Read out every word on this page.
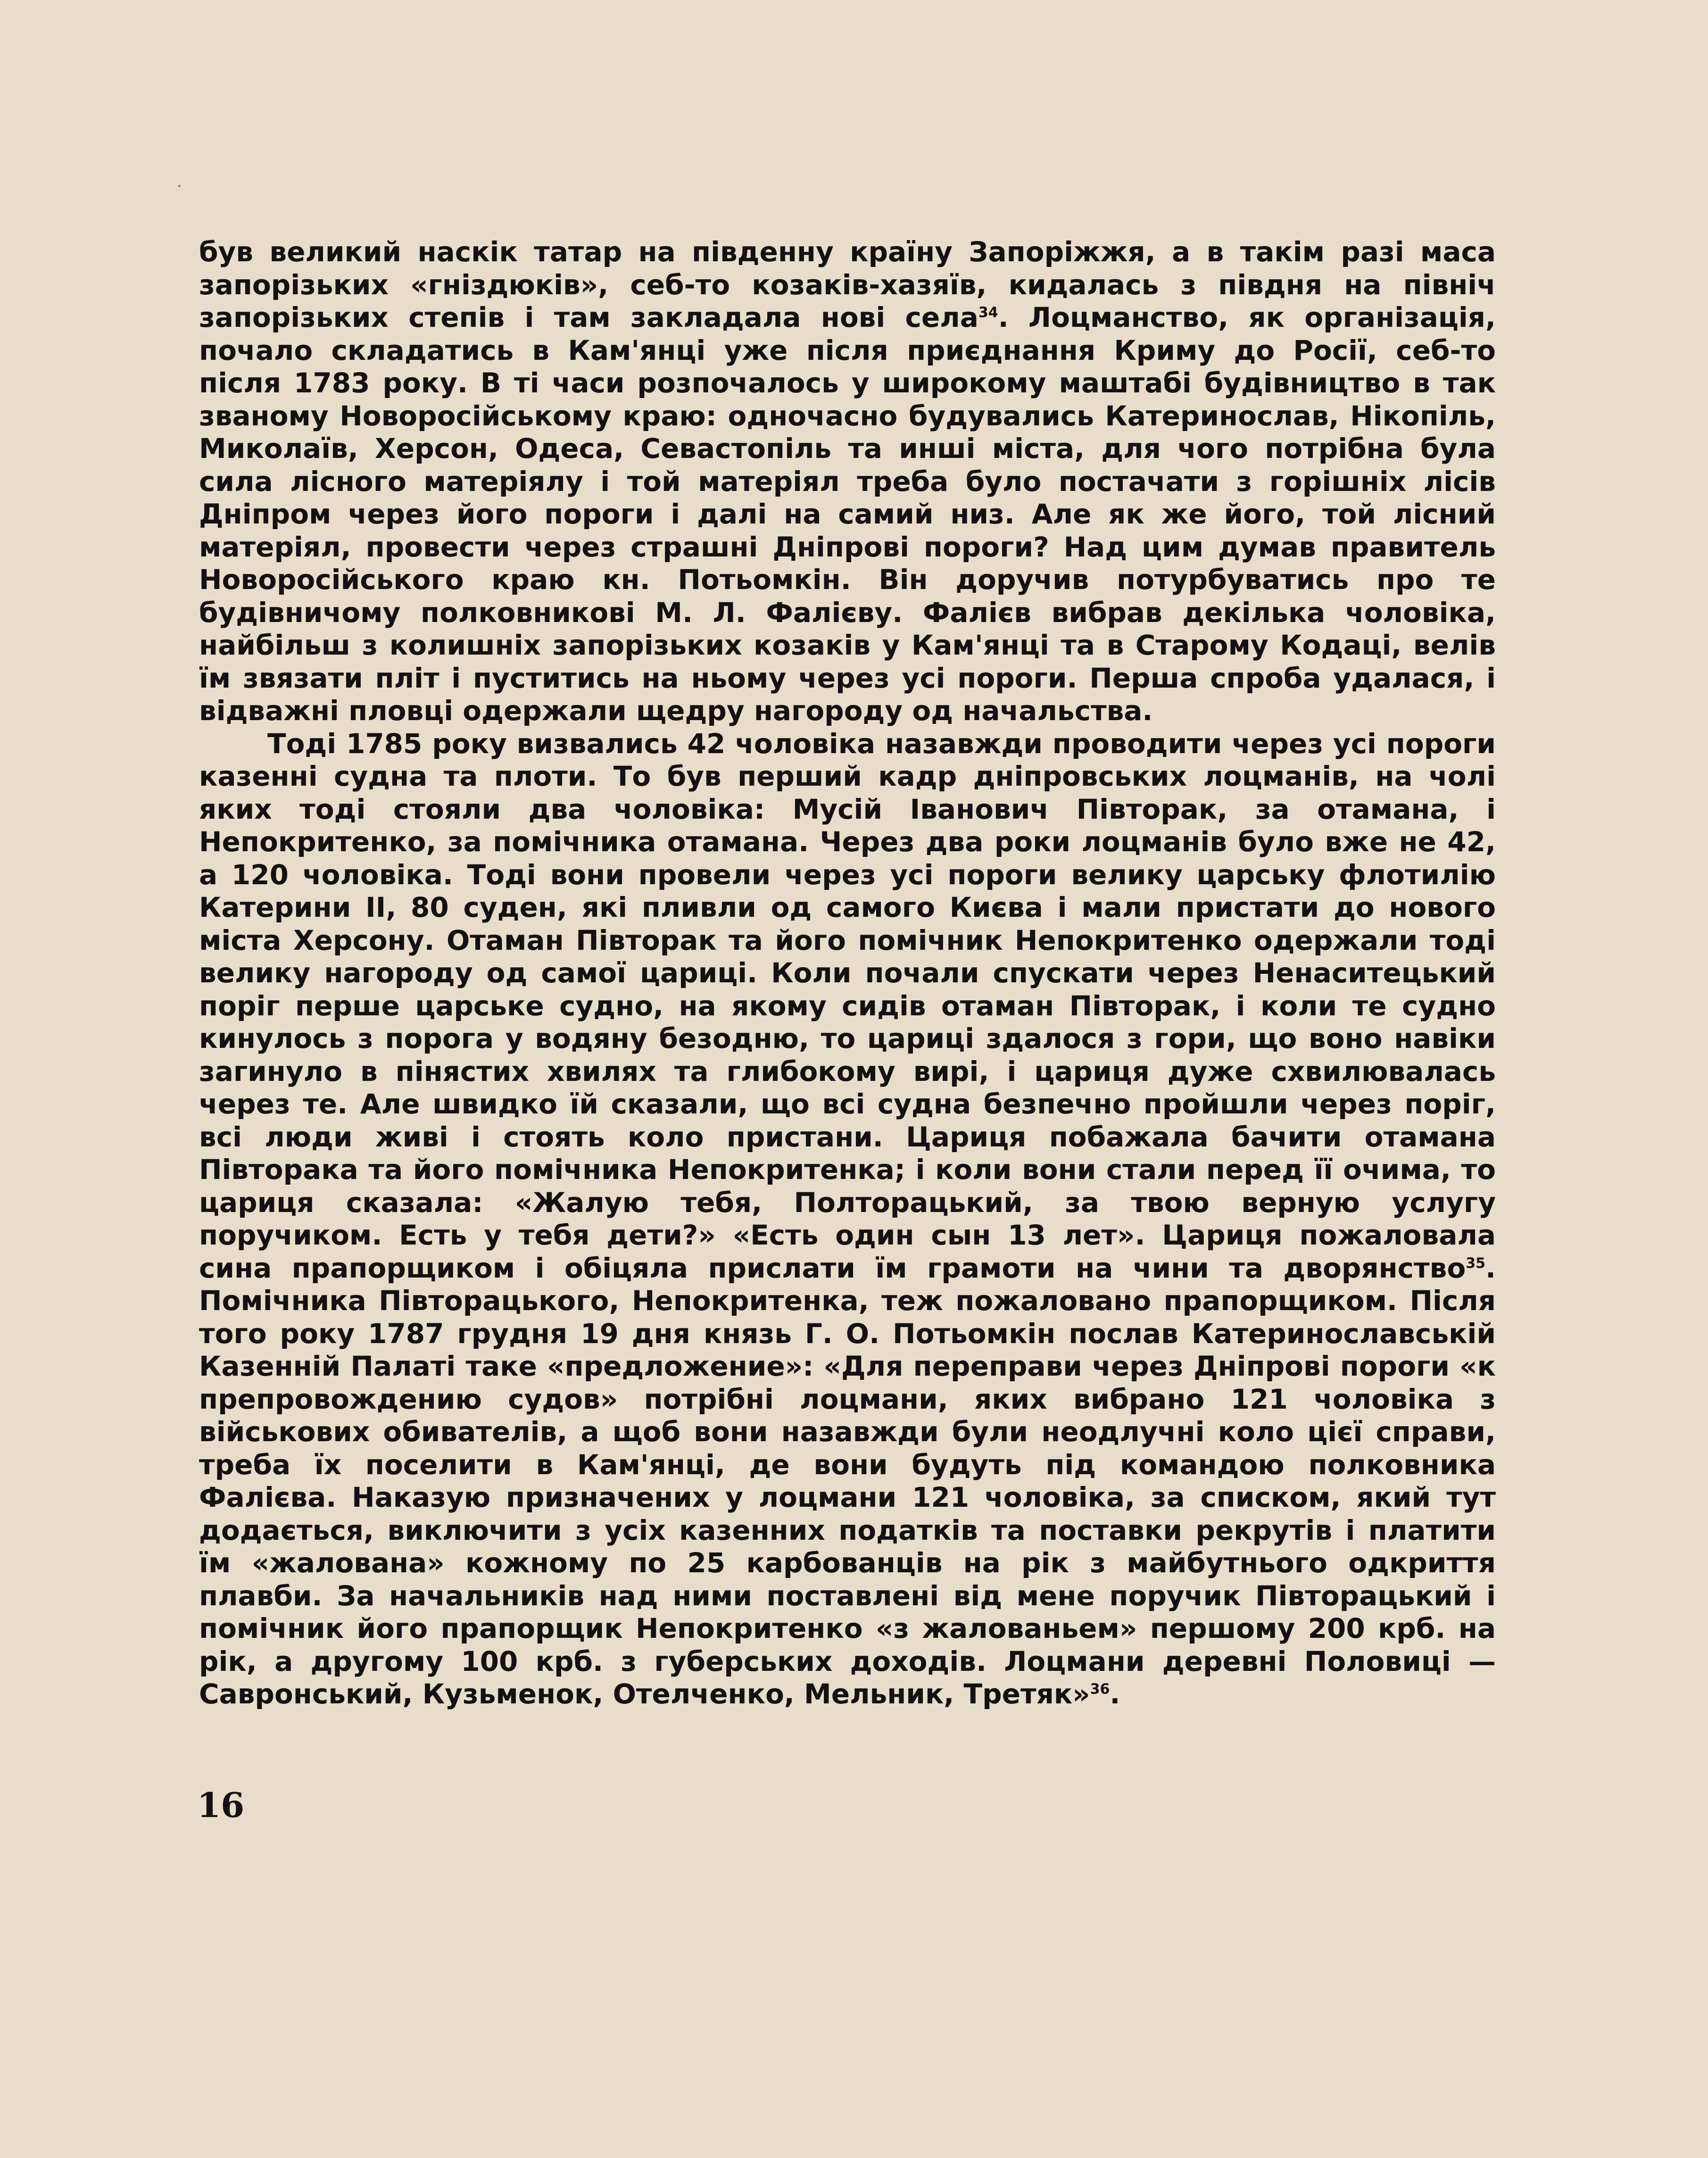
був великий наскік татар на південну країну Запоріжжя, а в такім разі маса запорізьких «гніздюків», себ-то козаків-хазяїв, кидалась з півдня на північ запорізьких степів і там закладала нові села$^{34}$. Лоцманство, як організація, почало складатись в Кам'янці уже після приєднання Криму до Росії, себ-то після 1783 року. В ті часи розпочалось у широкому маштабі будівництво в так званому Новоросійському краю: одночасно будувались Катеринослав, Нікопіль, Миколаїв, Херсон, Одеса, Севастопіль та инші міста, для чого потрібна була сила лісного матеріялу і той матеріял треба було постачати з горішніх лісів Дніпром через його пороги і далі на самий низ. Але як же його, той лісний матеріял, провести через страшні Дніпрові пороги? Над цим думав правитель Новоросійського краю кн. Потьомкін. Він доручив потурбуватись про те будівничому полковникові М. Л. Фалієву. Фалієв вибрав декілька чоловіка, найбільш з колишніх запорізьких козаків у Кам'янці та в Старому Кодаці, велів їм звязати пліт і пуститись на ньому через усі пороги. Перша спроба удалася, і відважні пловці одержали щедру нагороду од начальства.

Тоді 1785 року визвались 42 чоловіка назавжди проводити через усі пороги казенні судна та плоти. То був перший кадр дніпровських лоцманів, на чолі яких тоді стояли два чоловіка: Мусій Іванович Півторак, за отамана, і Непокритенко, за помічника отамана. Через два роки лоцманів було вже не 42, а 120 чоловіка. Тоді вони провели через усі пороги велику царську флотилію Катерини II, 80 суден, які пливли од самого Києва і мали пристати до нового міста Херсону. Отаман Півторак та його помічник Непокритенко одержали тоді велику нагороду од самої цариці. Коли почали спускати через Ненаситецький поріг перше царське судно, на якому сидів отаман Півторак, і коли те судно кинулось з порога у водяну безодню, то цариці здалося з гори, що воно навіки загинуло в пінястих хвилях та глибокому вирі, і цариця дуже схвилювалась через те. Але швидко їй сказали, що всі судна безпечно пройшли через поріг, всі люди живі і стоять коло пристани. Цариця побажала бачити отамана Півторака та його помічника Непокритенка; і коли вони стали перед її очима, то цариця сказала: «Жалую тебя, Полторацький, за твою верную услугу поручиком. Есть у тебя дети?» «Есть один сын 13 лет». Цариця пожаловала сина прапорщиком і обіцяла прислати їм грамоти на чини та дворянство$^{35}$. Помічника Півторацького, Непокритенка, теж пожаловано прапорщиком. Після того року 1787 грудня 19 дня князь Г. О. Потьомкін послав Катеринославській Казенній Палаті таке «предложение»: «Для переправи через Дніпрові пороги «к препровождению судов» потрібні лоцмани, яких вибрано 121 чоловіка з військових обивателів, а щоб вони назавжди були неодлучні коло цієї справи, треба їх поселити в Кам'янці, де вони будуть під командою полковника Фалієва. Наказую призначених у лоцмани 121 чоловіка, за списком, який тут додається, виключити з усіх казенних податків та поставки рекрутів і платити їм «жалована» кожному по 25 карбованців на рік з майбутнього одкриття плавби. За начальників над ними поставлені від мене поручик Півторацький і помічник його прапорщик Непокритенко «з жалованьем» першому 200 крб. на рік, а другому 100 крб. з губерських доходів. Лоцмани деревні Половиці — Савронський, Кузьменок, Отелченко, Мельник, Третяк»$^{36}$.

16
